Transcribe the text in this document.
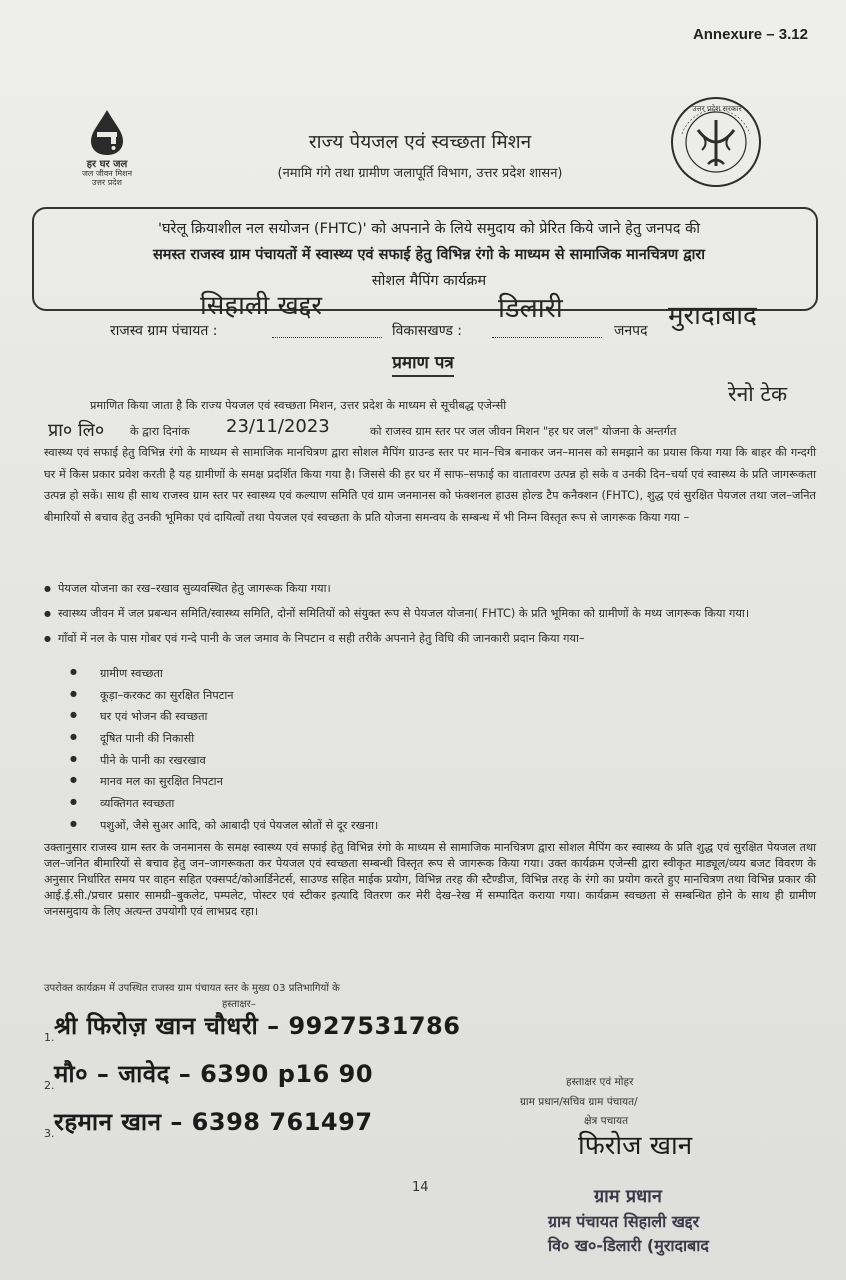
Annexure – 3.12
हर घर जल
जल जीवन मिशन
उत्तर प्रदेश
उत्तर प्रदेश सरकार
राज्य पेयजल एवं स्वच्छता मिशन
(नमामि गंगे तथा ग्रामीण जलापूर्ति विभाग, उत्तर प्रदेश शासन)
'घरेलू क्रियाशील नल सयोजन (FHTC)' को अपनाने के लिये समुदाय को प्रेरित किये जाने हेतु जनपद की
समस्त राजस्व ग्राम पंचायतों में स्वास्थ्य एवं सफाई हेतु विभिन्न रंगो के माध्यम से सामाजिक मानचित्रण द्वारा
सोशल मैपिंग कार्यक्रम
सिहाली खद्दर	डिलारी	मुरादाबाद
राजस्व ग्राम पंचायत :	विकासखण्ड :	जनपद
प्रमाण पत्र
प्रमाणित किया जाता है कि राज्य पेयजल एवं स्वच्छता मिशन, उत्तर प्रदेश के माध्यम से सूचीबद्ध एजेन्सी	रेनो टेक
प्रा० लि० के द्वारा दिनांक 23/11/2023	को राजस्व ग्राम स्तर पर जल जीवन मिशन "हर घर जल" योजना के अन्तर्गत
स्वास्थ्य एवं सफाई हेतु विभिन्न रंगो के माध्यम से सामाजिक मानचित्रण द्वारा सोशल मैपिंग ग्राउन्ड स्तर पर मान–चित्र बनाकर जन–मानस को समझाने का प्रयास किया गया कि बाहर की गन्दगी घर में किस प्रकार प्रवेश करती है यह ग्रामीणों के समक्ष प्रदर्शित किया गया है। जिससे की हर घर में साफ–सफाई का वातावरण उत्पन्न हो सके व उनकी दिन–चर्या एवं स्वास्थ्य के प्रति जागरूकता उत्पन्न हो सकें। साथ ही साथ राजस्व ग्राम स्तर पर स्वास्थ्य एवं कल्याण समिति एवं ग्राम जनमानस को फंक्शनल हाउस होल्ड टैप कनैक्शन (FHTC), शुद्ध एवं सुरक्षित पेयजल तथा जल–जनित बीमारियों से बचाव हेतु उनकी भूमिका एवं दायित्वों तथा पेयजल एवं स्वच्छता के प्रति योजना समन्वय के सम्बन्ध में भी निम्न विस्तृत रूप से जागरूक किया गया –
● पेयजल योजना का रख–रखाव सुव्यवस्थित हेतु जागरूक किया गया।
● स्वास्थ्य जीवन में जल प्रबन्धन समिति/स्वास्थ्य समिति, दोनों समितियों को संयुक्त रूप से पेयजल योजना( FHTC) के प्रति भूमिका को ग्रामीणों के मध्य जागरूक किया गया।
● गाँवों में नल के पास गोबर एवं गन्दे पानी के जल जमाव के निपटान व सही तरीके अपनाने हेतु विधि की जानकारी प्रदान किया गया–
● ग्रामीण स्वच्छता
● कूड़ा–करकट का सुरक्षित निपटान
● घर एवं भोजन की स्वच्छता
● दूषित पानी की निकासी
● पीने के पानी का रखरखाव
● मानव मल का सुरक्षित निपटान
● व्यक्तिगत स्वच्छता
● पशुओं, जैसे सुअर आदि, को आबादी एवं पेयजल स्रोतों से दूर रखना।
उक्तानुसार राजस्व ग्राम स्तर के जनमानस के समक्ष स्वास्थ्य एवं सफाई हेतु विभिन्न रंगो के माध्यम से सामाजिक मानचित्रण द्वारा सोशल मैपिंग कर स्वास्थ्य के प्रति शुद्ध एवं सुरक्षित पेयजल तथा जल–जनित बीमारियों से बचाव हेतु जन–जागरूकता कर पेयजल एवं स्वच्छता सम्बन्धी विस्तृत रूप से जागरूक किया गया। उक्त कार्यक्रम एजेन्सी द्वारा स्वीकृत माड्यूल/व्यय बजट विवरण के अनुसार निर्धारित समय पर वाहन सहित एक्सपर्ट/कोआर्डिनेटर्स, साउण्ड सहित माईक प्रयोग, विभिन्न तरह की स्टैण्डीज, विभिन्न तरह के रंगो का प्रयोग करते हुए मानचित्रण तथा विभिन्न प्रकार की आई.ई.सी./प्रचार प्रसार सामग्री–बुकलेट, पम्पलेट, पोस्टर एवं स्टीकर इत्यादि वितरण कर मेरी देख–रेख में सम्पादित कराया गया। कार्यक्रम स्वच्छता से सम्बन्धित होने के साथ ही ग्रामीण जनसमुदाय के लिए अत्यन्त उपयोगी एवं लाभप्रद रहा।
उपरोक्त कार्यक्रम में उपस्थित राजस्व ग्राम पंचायत स्तर के मुख्य 03 प्रतिभागियों के
हस्ताक्षर–
1. श्री फिरोज़ खान चौधरी – 9927531786
2. मौ० – जावेद – 6390 p16 90
3. रहमान खान – 6398 761497
हस्ताक्षर एवं मोहर
ग्राम प्रधान/सचिव ग्राम पंचायत/
क्षेत्र पचायत
फिरोज खान
14	ग्राम प्रधान
ग्राम पंचायत सिहाली खद्दर
वि० ख०-डिलारी (मुरादाबाद
